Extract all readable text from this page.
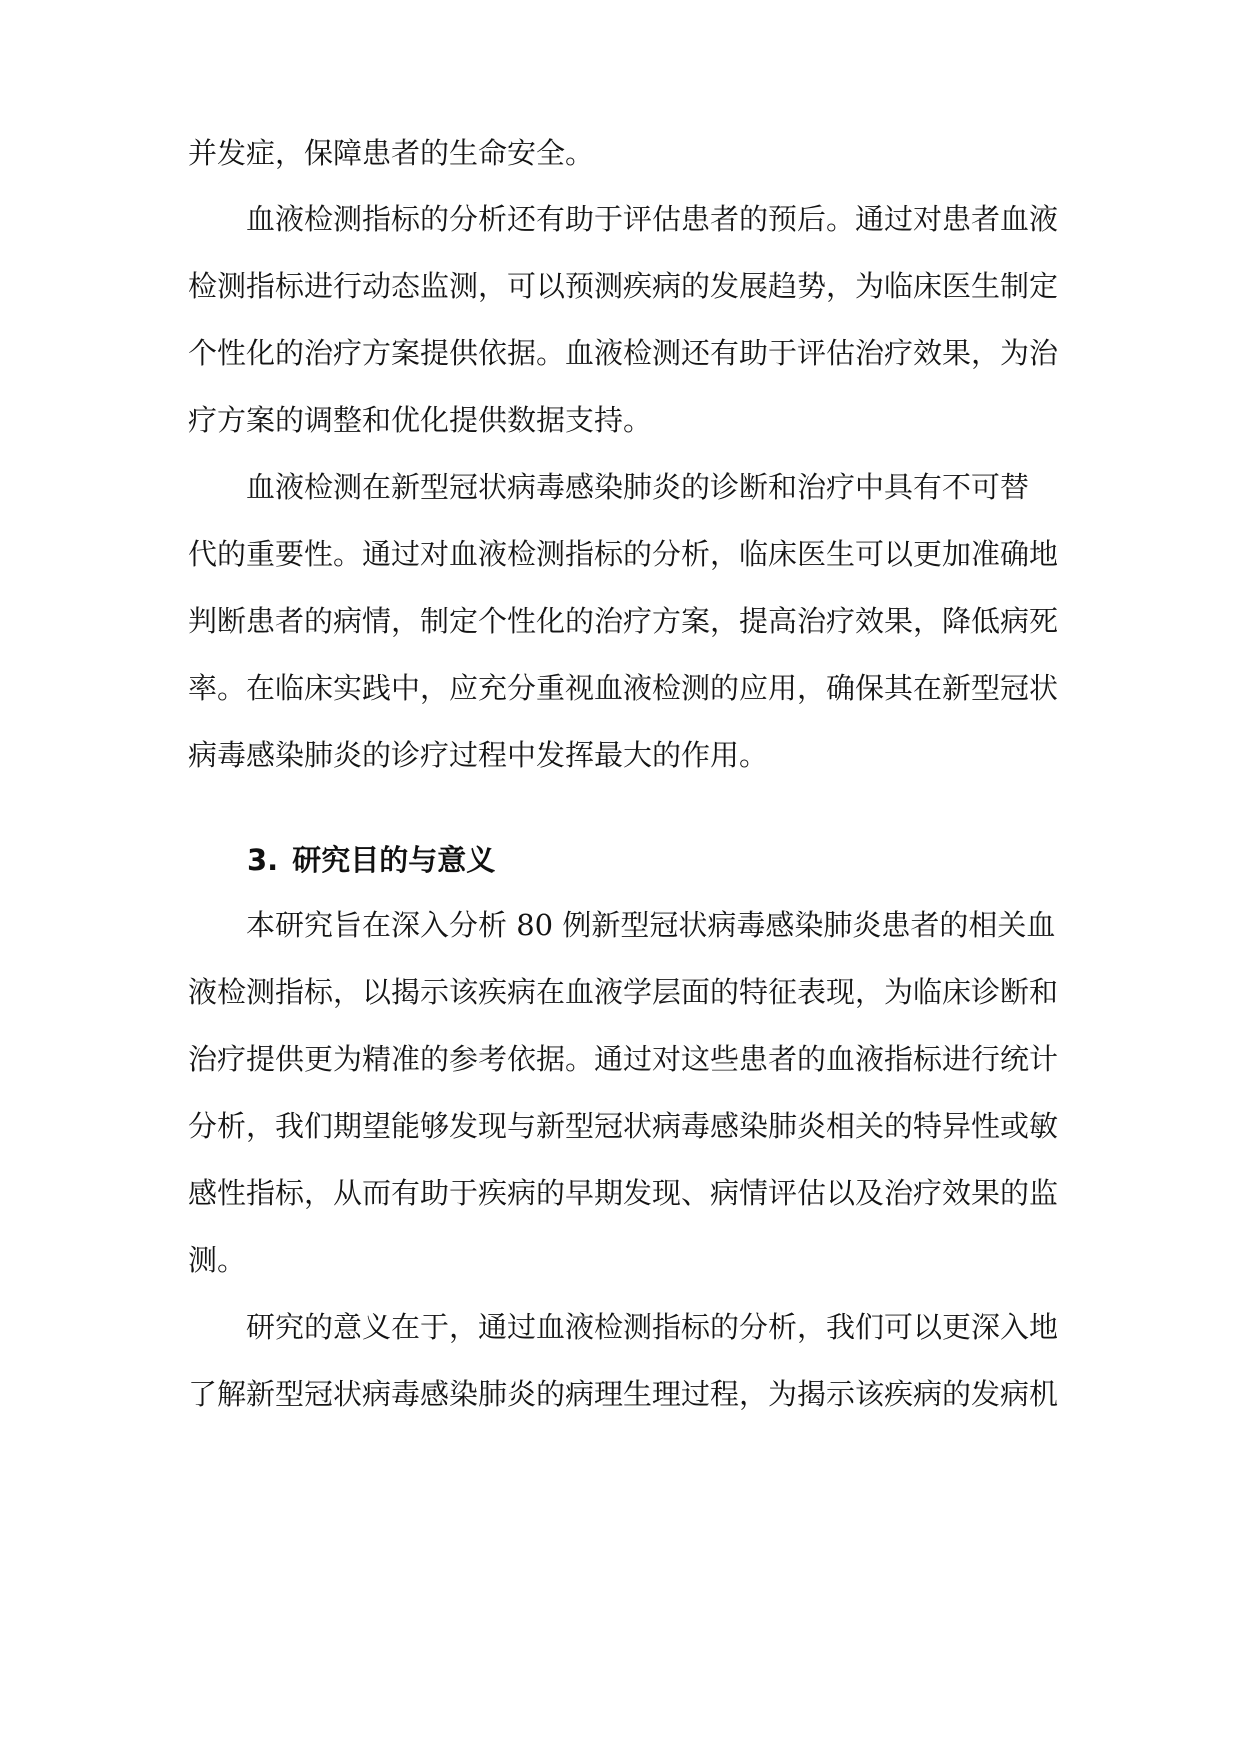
并发症，保障患者的生命安全。
血液检测指标的分析还有助于评估患者的预后。通过对患者血液
检测指标进行动态监测，可以预测疾病的发展趋势，为临床医生制定
个性化的治疗方案提供依据。血液检测还有助于评估治疗效果，为治
疗方案的调整和优化提供数据支持。
血液检测在新型冠状病毒感染肺炎的诊断和治疗中具有不可替
代的重要性。通过对血液检测指标的分析，临床医生可以更加准确地
判断患者的病情，制定个性化的治疗方案，提高治疗效果，降低病死
率。在临床实践中，应充分重视血液检测的应用，确保其在新型冠状
病毒感染肺炎的诊疗过程中发挥最大的作用。
3. 研究目的与意义
本研究旨在深入分析 80 例新型冠状病毒感染肺炎患者的相关血
液检测指标，以揭示该疾病在血液学层面的特征表现，为临床诊断和
治疗提供更为精准的参考依据。通过对这些患者的血液指标进行统计
分析，我们期望能够发现与新型冠状病毒感染肺炎相关的特异性或敏
感性指标，从而有助于疾病的早期发现、病情评估以及治疗效果的监
测。
研究的意义在于，通过血液检测指标的分析，我们可以更深入地
了解新型冠状病毒感染肺炎的病理生理过程，为揭示该疾病的发病机
